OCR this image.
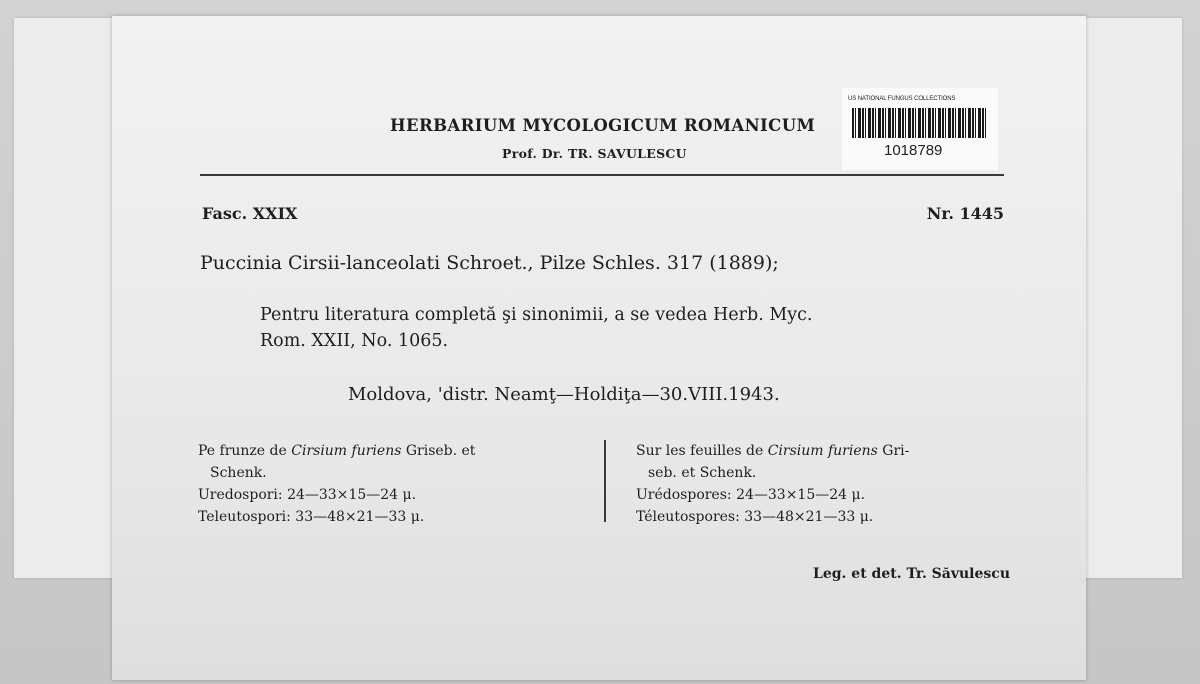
HERBARIUM MYCOLOGICUM ROMANICUM
Prof. Dr. TR. SAVULESCU
US NATIONAL FUNGUS COLLECTIONS
1018789
Fasc. XXIX	Nr. 1445
Puccinia Cirsii-lanceolati Schroet., Pilze Schles. 317 (1889);
Pentru literatura completă şi sinonimii, a se vedea Herb. Myc.
Rom. XXII, No. 1065.
Moldova, 'distr. Neamţ—Holdiţa—30.VIII.1943.
Pe frunze de Cirsium furiens Griseb. et
Schenk.
Uredospori: 24—33×15—24 μ.
Teleutospori: 33—48×21—33 μ.
Sur les feuilles de Cirsium furiens Gri-
seb. et Schenk.
Urédospores: 24—33×15—24 μ.
Téleutospores: 33—48×21—33 μ.
Leg. et det. Tr. Săvulescu
